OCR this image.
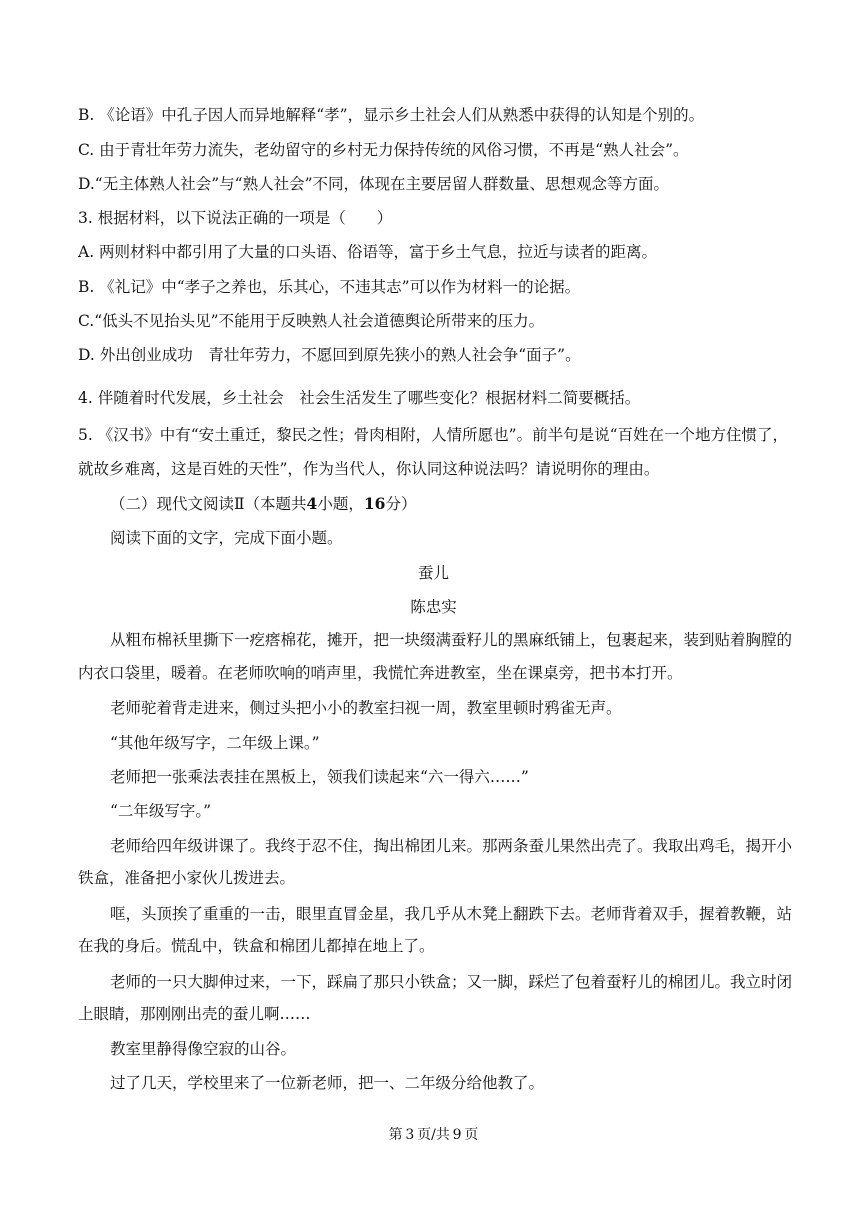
B. 《论语》中孔子因人而异地解释“孝”，显示乡土社会人们从熟悉中获得的认知是个别的。
C. 由于青壮年劳力流失，老幼留守的乡村无力保持传统的风俗习惯，不再是“熟人社会”。
D.“无主体熟人社会”与“熟人社会”不同，体现在主要居留人群数量、思想观念等方面。
3. 根据材料，以下说法正确的一项是（　　）
A. 两则材料中都引用了大量的口头语、俗语等，富于乡土气息，拉近与读者的距离。
B. 《礼记》中“孝子之养也，乐其心，不违其志”可以作为材料一的论据。
C.“低头不见抬头见”不能用于反映熟人社会道德舆论所带来的压力。
D. 外出创业成功　青壮年劳力，不愿回到原先狭小的熟人社会争“面子”。
4. 伴随着时代发展，乡土社会　社会生活发生了哪些变化？根据材料二简要概括。
5. 《汉书》中有“安土重迁，黎民之性；骨肉相附，人情所愿也”。前半句是说“百姓在一个地方住惯了，
就故乡难离，这是百姓的天性”，作为当代人，你认同这种说法吗？请说明你的理由。
（二）现代文阅读Ⅱ（本题共4小题，16分）
阅读下面的文字，完成下面小题。
蚕儿
陈忠实
从粗布棉袄里撕下一疙瘩棉花，摊开，把一块缀满蚕籽儿的黑麻纸铺上，包裹起来，装到贴着胸膛的
内衣口袋里，暖着。在老师吹响的哨声里，我慌忙奔进教室，坐在课桌旁，把书本打开。
老师驼着背走进来，侧过头把小小的教室扫视一周，教室里顿时鸦雀无声。
“其他年级写字，二年级上课。”
老师把一张乘法表挂在黑板上，领我们读起来“六一得六……”
“二年级写字。”
老师给四年级讲课了。我终于忍不住，掏出棉团儿来。那两条蚕儿果然出壳了。我取出鸡毛，揭开小
铁盒，准备把小家伙儿拨进去。
哐，头顶挨了重重的一击，眼里直冒金星，我几乎从木凳上翻跌下去。老师背着双手，握着教鞭，站
在我的身后。慌乱中，铁盒和棉团儿都掉在地上了。
老师的一只大脚伸过来，一下，踩扁了那只小铁盒；又一脚，踩烂了包着蚕籽儿的棉团儿。我立时闭
上眼睛，那刚刚出壳的蚕儿啊……
教室里静得像空寂的山谷。
过了几天，学校里来了一位新老师，把一、二年级分给他教了。
第  3  页/共  9  页
